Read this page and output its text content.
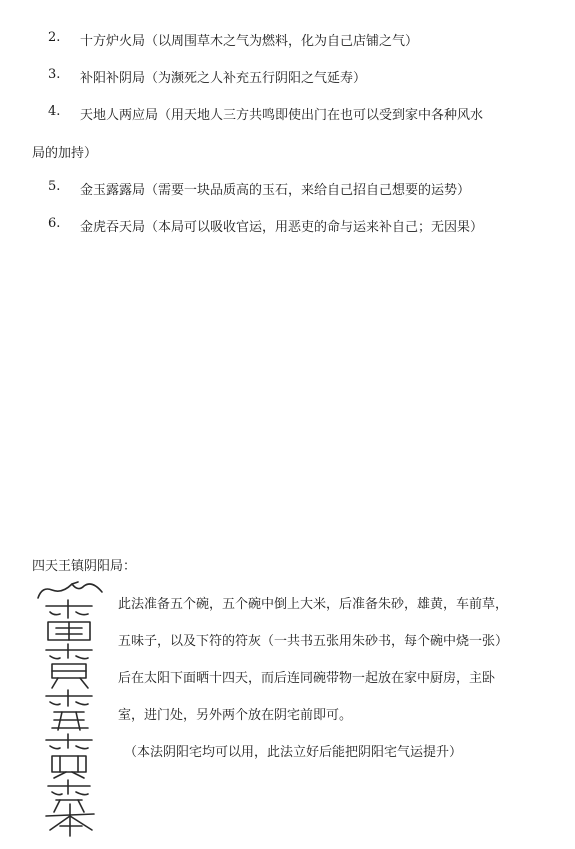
2.	十方炉火局（以周围草木之气为燃料，化为自己店铺之气）
3.	补阳补阴局（为濒死之人补充五行阴阳之气延寿）
4.	天地人两应局（用天地人三方共鸣即使出门在也可以受到家中各种风水
局的加持）
5.	金玉露露局（需要一块品质高的玉石，来给自己招自己想要的运势）
6.	金虎吞天局（本局可以吸收官运，用恶吏的命与运来补自己；无因果）
四天王镇阴阳局：
此法准备五个碗，五个碗中倒上大米，后准备朱砂，雄黄，车前草，
五味子，以及下符的符灰（一共书五张用朱砂书，每个碗中烧一张）
后在太阳下面晒十四天，而后连同碗带物一起放在家中厨房，主卧
室，进门处，另外两个放在阴宅前即可。
（本法阴阳宅均可以用，此法立好后能把阴阳宅气运提升）
